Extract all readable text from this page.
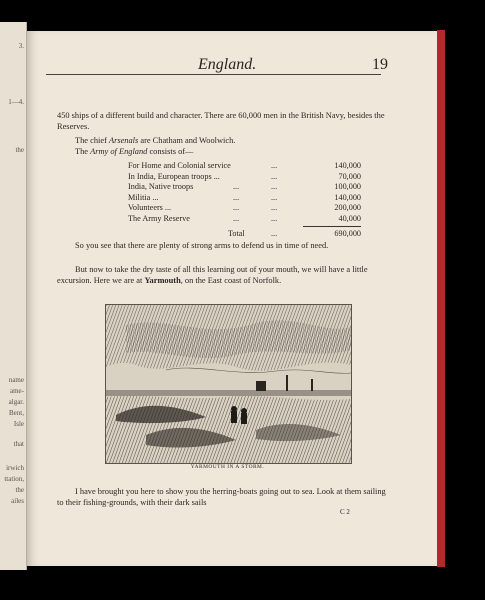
3.
1—4.
the
name
ame-
algar.
Bent,
Isle
that
irwich
ttation,
the
ailes
England.	19
450 ships of a different build and character. There are 60,000 men in the British Navy, besides the Reserves.
The chief Arsenals are Chatham and Woolwich.
The Army of England consists of—
For Home and Colonial service	...	140,000
In India, European troops ...	...	70,000
India, Native troops	...	...	100,000
Militia ...	...	...	140,000
Volunteers ...	...	...	200,000
The Army Reserve	...	...	40,000
Total	...	690,000
So you see that there are plenty of strong arms to defend us in time of need.
But now to take the dry taste of all this learning out of your mouth, we will have a little excursion. Here we are at Yarmouth, on the East coast of Norfolk.
YARMOUTH IN A STORM.
I have brought you here to show you the herring-boats going out to sea. Look at them sailing to their fishing-grounds, with their dark sails
C 2
